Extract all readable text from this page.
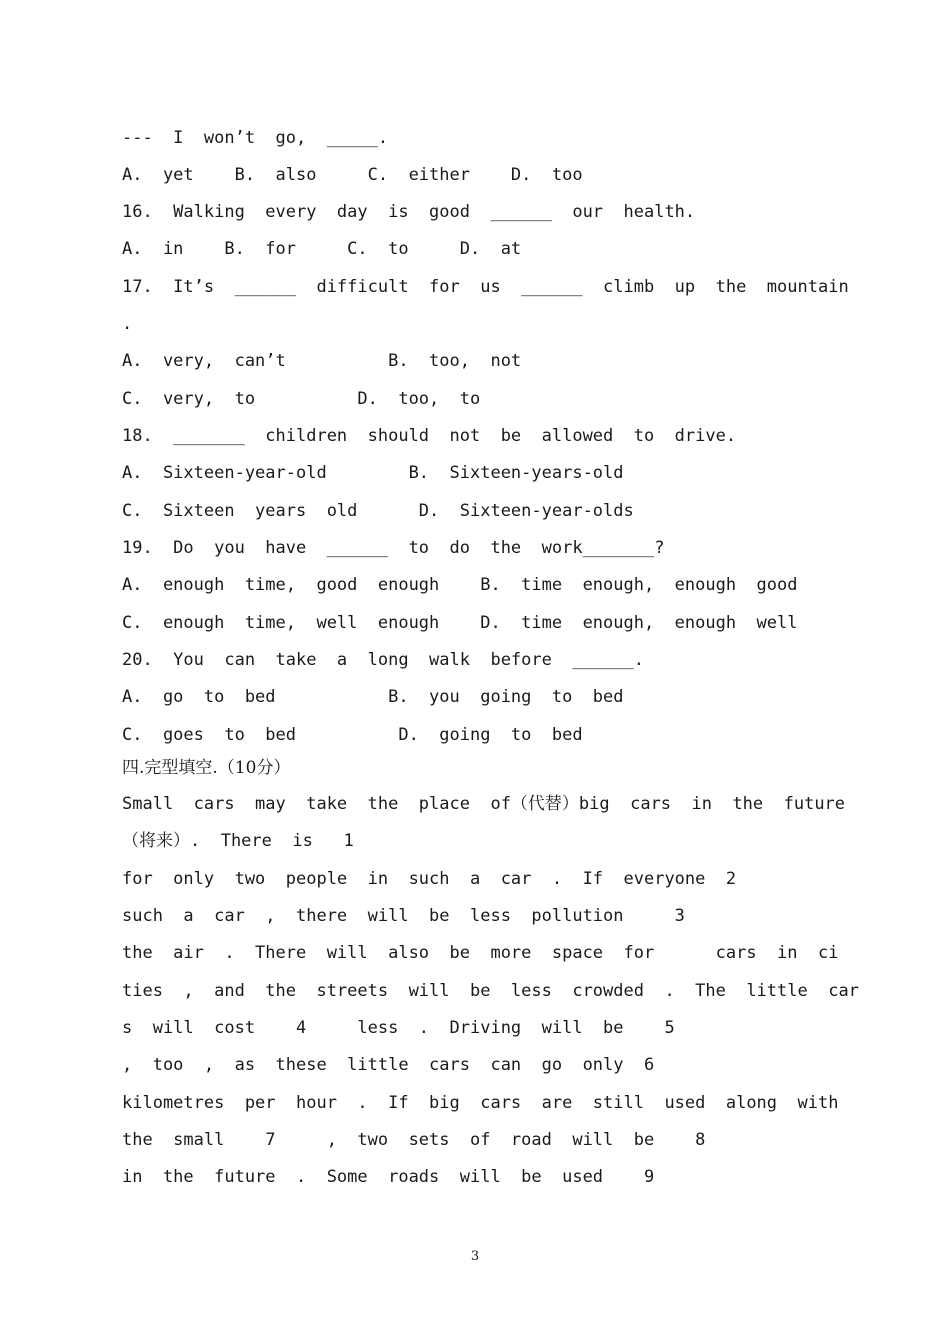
---  I  won’t  go,  _____.
A.  yet    B.  also     C.  either    D.  too
16.  Walking  every  day  is  good  ______  our  health.
A.  in    B.  for     C.  to     D.  at
17.  It’s  ______  difficult  for  us  ______  climb  up  the  mountain
.
A.  very,  can’t          B.  too,  not
C.  very,  to          D.  too,  to
18.  _______  children  should  not  be  allowed  to  drive.
A.  Sixteen-year-old        B.  Sixteen-years-old
C.  Sixteen  years  old      D.  Sixteen-year-olds
19.  Do  you  have  ______  to  do  the  work_______?
A.  enough  time,  good  enough    B.  time  enough,  enough  good
C.  enough  time,  well  enough    D.  time  enough,  enough  well
20.  You  can  take  a  long  walk  before  ______.
A.  go  to  bed           B.  you  going  to  bed
C.  goes  to  bed          D.  going  to  bed
四.完型填空.（10分）
Small  cars  may  take  the  place  of（代替）big  cars  in  the  future
（将来）.  There  is   1
for  only  two  people  in  such  a  car  .  If  everyone  2
such  a  car  ,  there  will  be  less  pollution     3
the  air  .  There  will  also  be  more  space  for      cars  in  ci
ties  ,  and  the  streets  will  be  less  crowded  .  The  little  car
s  will  cost    4     less  .  Driving  will  be    5
,  too  ,  as  these  little  cars  can  go  only  6
kilometres  per  hour  .  If  big  cars  are  still  used  along  with
the  small    7     ,  two  sets  of  road  will  be    8
in  the  future  .  Some  roads  will  be  used    9
3
